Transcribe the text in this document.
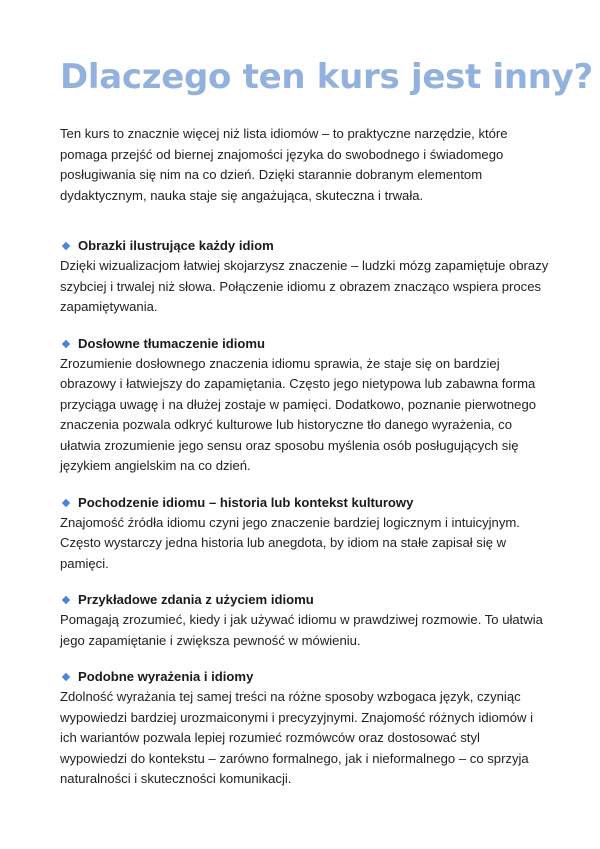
Dlaczego ten kurs jest inny?

Ten kurs to znacznie więcej niż lista idiomów – to praktyczne narzędzie, które pomaga przejść od biernej znajomości języka do swobodnego i świadomego posługiwania się nim na co dzień. Dzięki starannie dobranym elementom dydaktycznym, nauka staje się angażująca, skuteczna i trwała.

Obrazki ilustrujące każdy idiom

Dzięki wizualizacjom łatwiej skojarzysz znaczenie – ludzki mózg zapamiętuje obrazy szybciej i trwalej niż słowa. Połączenie idiomu z obrazem znacząco wspiera proces zapamiętywania.

Dosłowne tłumaczenie idiomu

Zrozumienie dosłownego znaczenia idiomu sprawia, że staje się on bardziej obrazowy i łatwiejszy do zapamiętania. Często jego nietypowa lub zabawna forma przyciąga uwagę i na dłużej zostaje w pamięci. Dodatkowo, poznanie pierwotnego znaczenia pozwala odkryć kulturowe lub historyczne tło danego wyrażenia, co ułatwia zrozumienie jego sensu oraz sposobu myślenia osób posługujących się językiem angielskim na co dzień.

Pochodzenie idiomu – historia lub kontekst kulturowy

Znajomość źródła idiomu czyni jego znaczenie bardziej logicznym i intuicyjnym. Często wystarczy jedna historia lub anegdota, by idiom na stałe zapisał się w pamięci.

Przykładowe zdania z użyciem idiomu

Pomagają zrozumieć, kiedy i jak używać idiomu w prawdziwej rozmowie. To ułatwia jego zapamiętanie i zwiększa pewność w mówieniu.

Podobne wyrażenia i idiomy

Zdolność wyrażania tej samej treści na różne sposoby wzbogaca język, czyniąc wypowiedzi bardziej urozmaiconymi i precyzyjnymi. Znajomość różnych idiomów i ich wariantów pozwala lepiej rozumieć rozmówców oraz dostosować styl wypowiedzi do kontekstu – zarówno formalnego, jak i nieformalnego – co sprzyja naturalności i skuteczności komunikacji.
